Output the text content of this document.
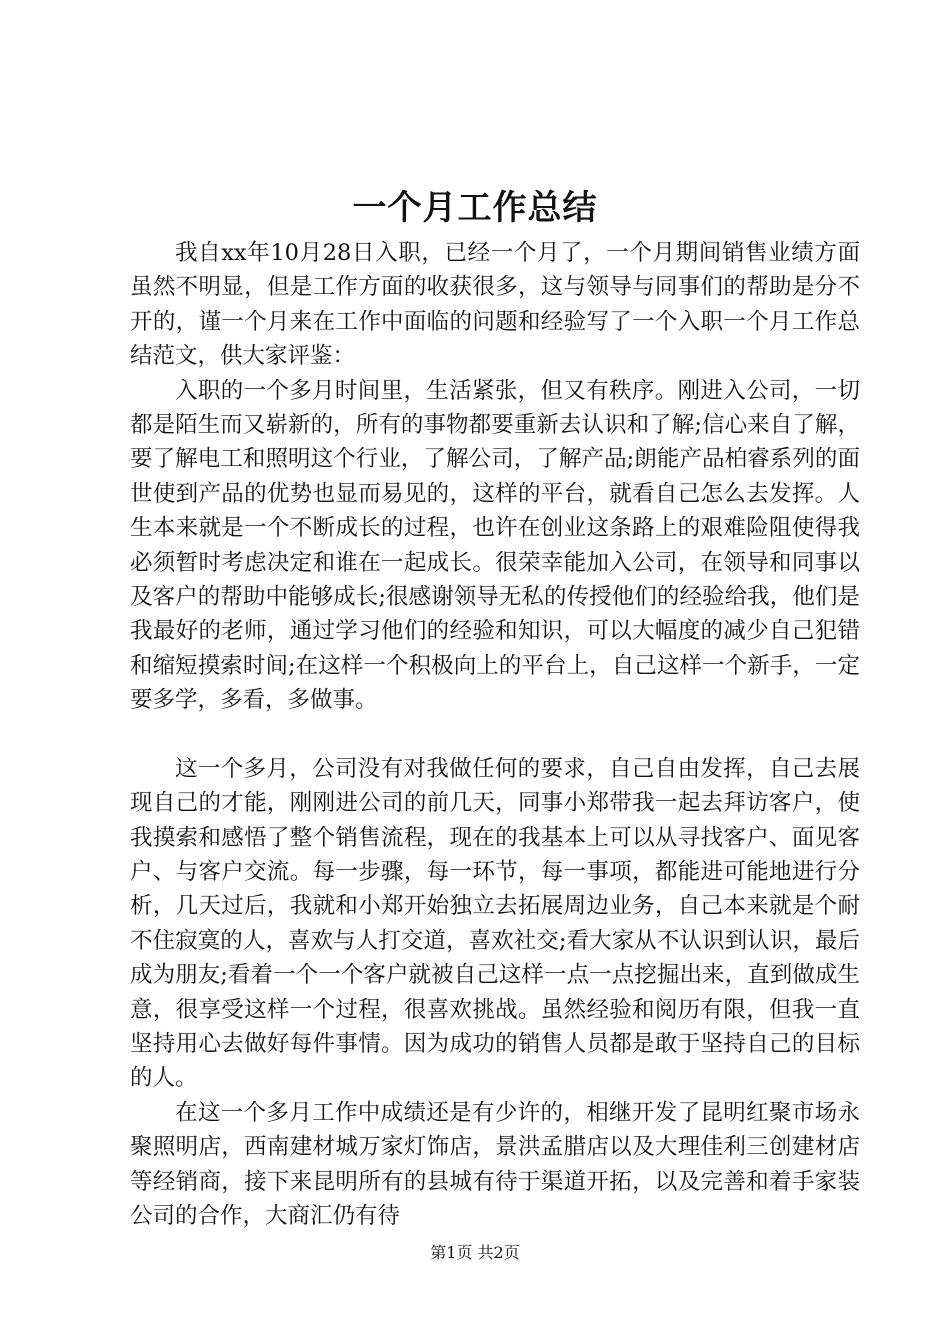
一个月工作总结

我自xx年10月28日入职，已经一个月了，一个月期间销售业绩方面虽然不明显，但是工作方面的收获很多，这与领导与同事们的帮助是分不开的，谨一个月来在工作中面临的问题和经验写了一个入职一个月工作总结范文，供大家评鉴：

入职的一个多月时间里，生活紧张，但又有秩序。刚进入公司，一切都是陌生而又崭新的，所有的事物都要重新去认识和了解;信心来自了解，要了解电工和照明这个行业，了解公司，了解产品;朗能产品柏睿系列的面世使到产品的优势也显而易见的，这样的平台，就看自己怎么去发挥。人生本来就是一个不断成长的过程，也许在创业这条路上的艰难险阻使得我必须暂时考虑决定和谁在一起成长。很荣幸能加入公司，在领导和同事以及客户的帮助中能够成长;很感谢领导无私的传授他们的经验给我，他们是我最好的老师，通过学习他们的经验和知识，可以大幅度的减少自己犯错和缩短摸索时间;在这样一个积极向上的平台上，自己这样一个新手，一定要多学，多看，多做事。

这一个多月，公司没有对我做任何的要求，自己自由发挥，自己去展现自己的才能，刚刚进公司的前几天，同事小郑带我一起去拜访客户，使我摸索和感悟了整个销售流程，现在的我基本上可以从寻找客户、面见客户、与客户交流。每一步骤，每一环节，每一事项，都能进可能地进行分析，几天过后，我就和小郑开始独立去拓展周边业务，自己本来就是个耐不住寂寞的人，喜欢与人打交道，喜欢社交;看大家从不认识到认识，最后成为朋友;看着一个一个客户就被自己这样一点一点挖掘出来，直到做成生意，很享受这样一个过程，很喜欢挑战。虽然经验和阅历有限，但我一直坚持用心去做好每件事情。因为成功的销售人员都是敢于坚持自己的目标的人。

在这一个多月工作中成绩还是有少许的，相继开发了昆明红聚市场永聚照明店，西南建材城万家灯饰店，景洪孟腊店以及大理佳利三创建材店等经销商，接下来昆明所有的县城有待于渠道开拓，以及完善和着手家装公司的合作，大商汇仍有待

第1页 共2页
